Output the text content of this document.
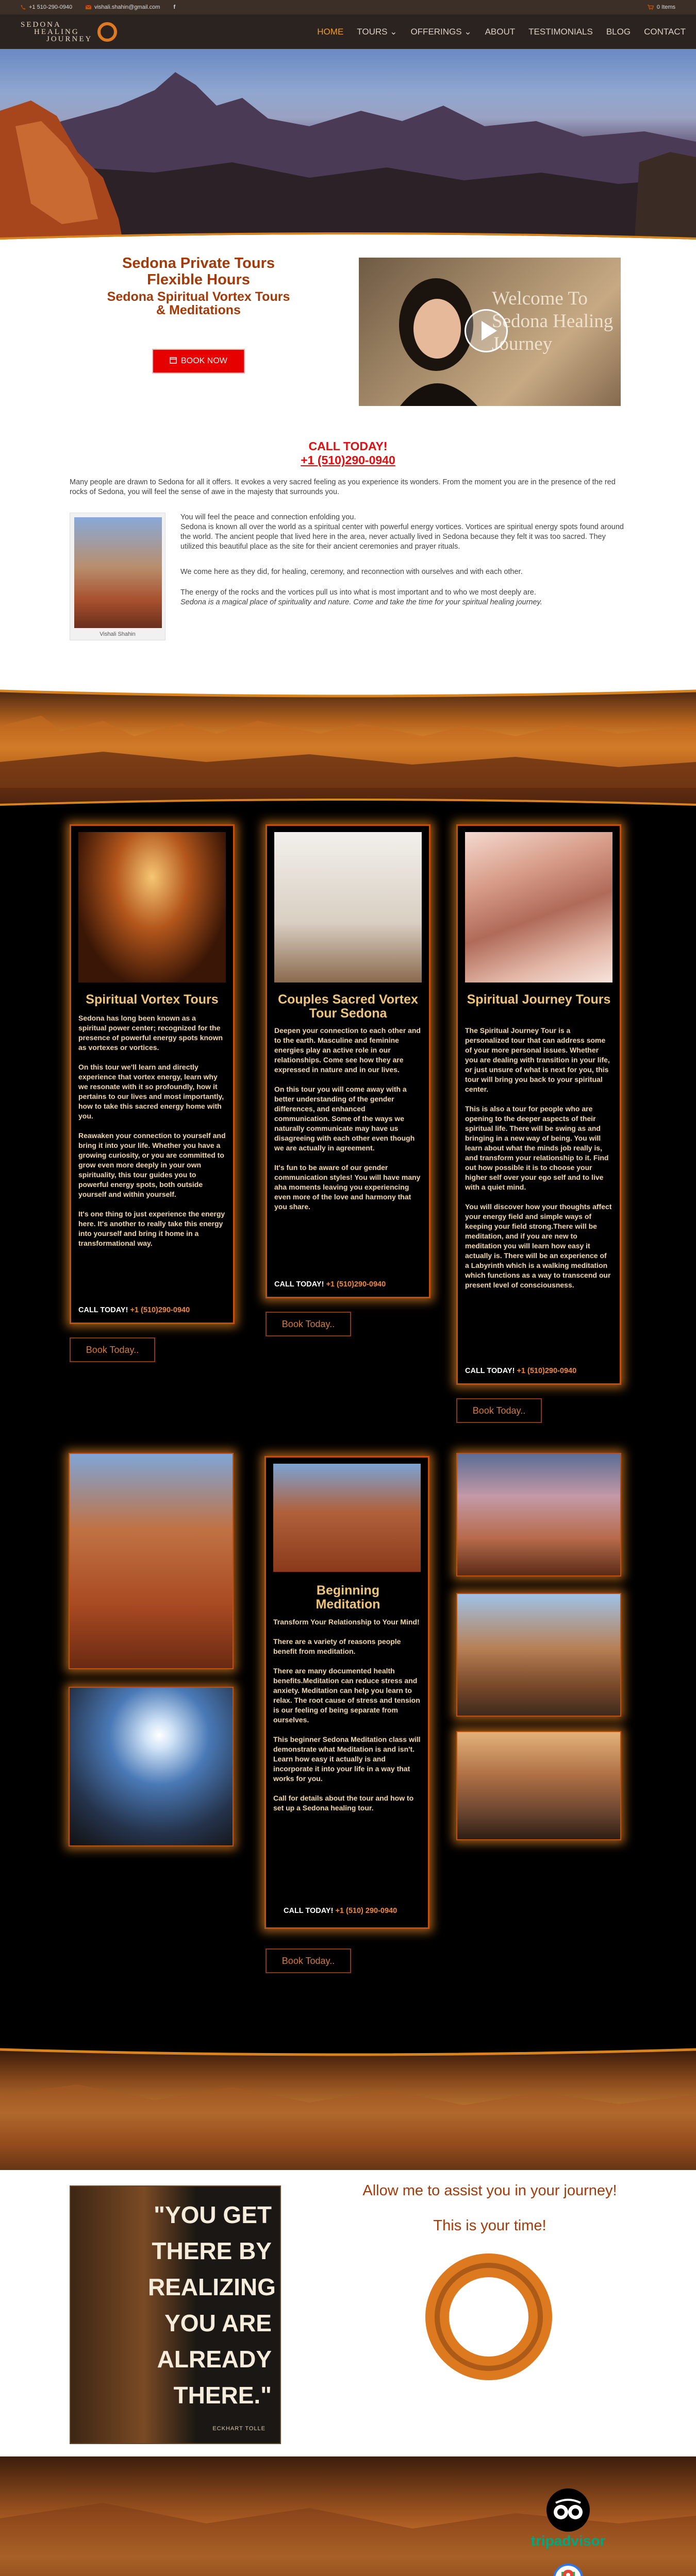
+1 510-290-0940	vishali.shahin@gmail.com f	0 Items
SEDONA
HEALING
JOURNEY
HOME TOURS ⌄ OFFERINGS ⌄ ABOUT TESTIMONIALS BLOG CONTACT
Sedona Private Tours
Flexible Hours
Sedona Spiritual Vortex Tours
& Meditations
BOOK NOW
Welcome To
Sedona Healing
Journey
CALL TODAY!
+1 (510)290-0940
Many people are drawn to Sedona for all it offers. It evokes a very sacred feeling as you experience its wonders. From the moment you are in the presence of the red rocks of Sedona, you will feel the sense of awe in the majesty that surrounds you.
Vishali Shahin
You will feel the peace and connection enfolding you.
Sedona is known all over the world as a spiritual center with powerful energy vortices. Vortices are spiritual energy spots found around the world. The ancient people that lived here in the area, never actually lived in Sedona because they felt it was too sacred. They utilized this beautiful place as the site for their ancient ceremonies and prayer rituals.
We come here as they did, for healing, ceremony, and reconnection with ourselves and with each other.
The energy of the rocks and the vortices pull us into what is most important and to who we most deeply are.
Sedona is a magical place of spirituality and nature. Come and take the time for your spiritual healing journey.
Spiritual Vortex Tours

Sedona has long been known as a spiritual power center; recognized for the presence of powerful energy spots known as vortexes or vortices.

On this tour we'll learn and directly experience that vortex energy, learn why we resonate with it so profoundly, how it pertains to our lives and most importantly, how to take this sacred energy home with you.

Reawaken your connection to yourself and bring it into your life. Whether you have a growing curiosity, or you are committed to grow even more deeply in your own spirituality, this tour guides you to powerful energy spots, both outside yourself and within yourself.

It's one thing to just experience the energy here. It's another to really take this energy into yourself and bring it home in a transformational way.

CALL TODAY! +1 (510)290-0940
Book Today..
Couples Sacred Vortex Tour Sedona

Deepen your connection to each other and to the earth. Masculine and feminine energies play an active role in our relationships. Come see how they are expressed in nature and in our lives.

On this tour you will come away with a better understanding of the gender differences, and enhanced communication. Some of the ways we naturally communicate may have us disagreeing with each other even though we are actually in agreement.

It's fun to be aware of our gender communication styles! You will have many aha moments leaving you experiencing even more of the love and harmony that you share.

CALL TODAY! +1 (510)290-0940
Book Today..
Spiritual Journey Tours

The Spiritual Journey Tour is a personalized tour that can address some of your more personal issues. Whether you are dealing with transition in your life, or just unsure of what is next for you, this tour will bring you back to your spiritual center.

This is also a tour for people who are opening to the deeper aspects of their spiritual life. There will be swing as and bringing in a new way of being. You will learn about what the minds job really is, and transform your relationship to it. Find out how possible it is to choose your higher self over your ego self and to live with a quiet mind.

You will discover how your thoughts affect your energy field and simple ways of keeping your field strong.There will be meditation, and if you are new to meditation you will learn how easy it actually is. There will be an experience of a Labyrinth which is a walking meditation which functions as a way to transcend our present level of consciousness.

CALL TODAY! +1 (510)290-0940
Book Today..
Beginning Meditation

Transform Your Relationship to Your Mind!

There are a variety of reasons people benefit from meditation.

There are many documented health benefits.Meditation can reduce stress and anxiety. Meditation can help you learn to relax. The root cause of stress and tension is our feeling of being separate from ourselves.

This beginner Sedona Meditation class will demonstrate what Meditation is and isn't. Learn how easy it actually is and incorporate it into your life in a way that works for you.

Call for details about the tour and how to set up a Sedona healing tour.

CALL TODAY! +1 (510) 290-0940
Book Today..
"YOU GET THERE BY REALIZING YOU ARE ALREADY THERE."
ECKHART TOLLE
Allow me to assist you in your journey!
This is your time!
tripadvisor
